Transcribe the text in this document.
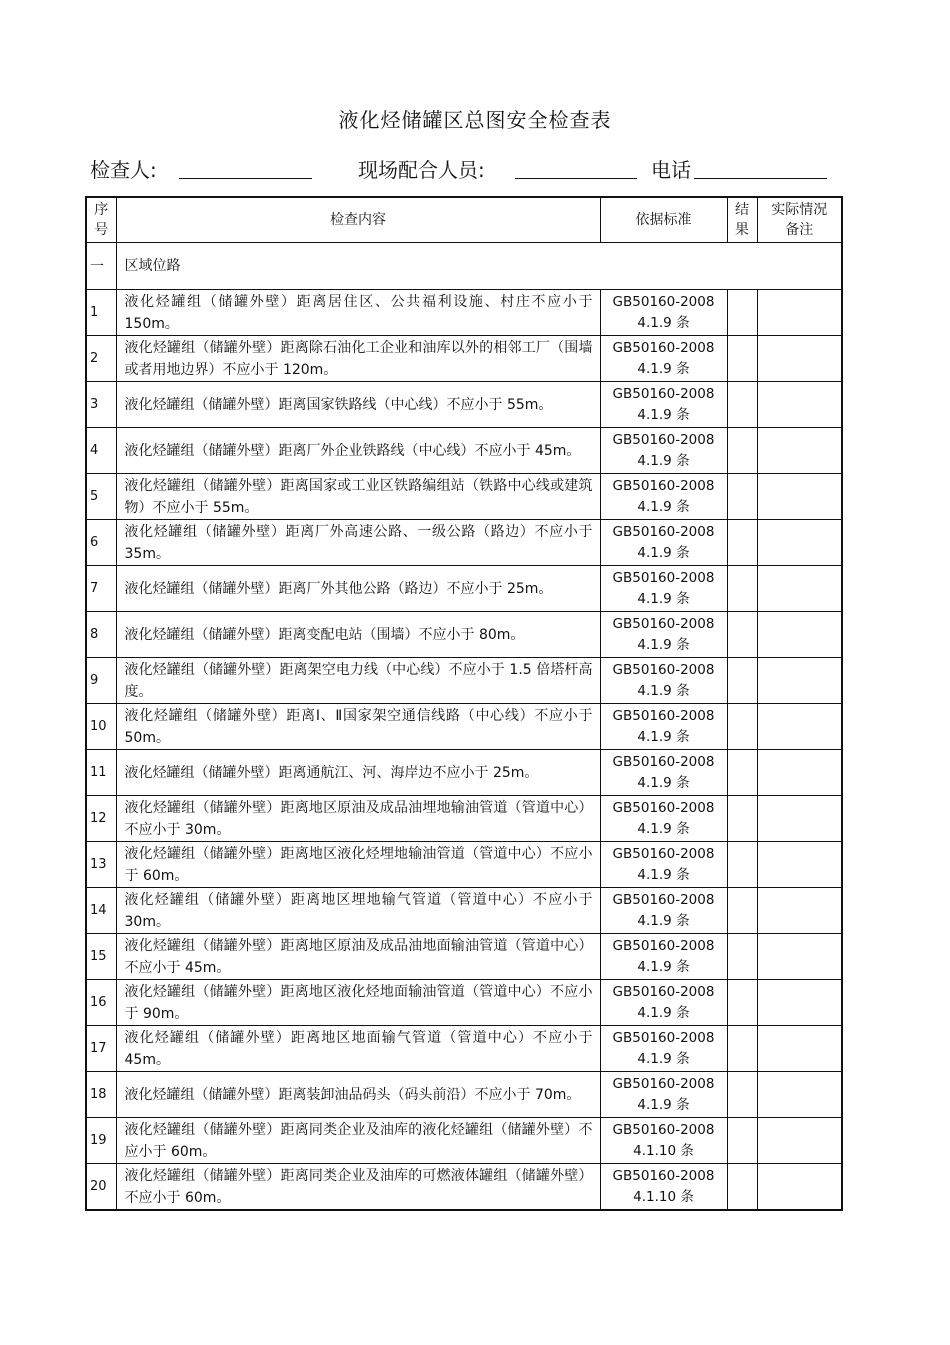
液化烃储罐区总图安全检查表
检查人:	现场配合人员:	电话
序号	检查内容	依据标准	结果	实际情况备注
一	区域位路			
1	液化烃罐组（储罐外壁）距离居住区、公共福利设施、村庄不应小于 150m。	GB50160-2008
4.1.9 条		

2	液化烃罐组（储罐外壁）距离除石油化工企业和油库以外的相邻工厂（围墙或者用地边界）不应小于 120m。	GB50160-2008
4.1.9 条		

3	液化烃罐组（储罐外壁）距离国家铁路线（中心线）不应小于 55m。	GB50160-2008
4.1.9 条		

4	液化烃罐组（储罐外壁）距离厂外企业铁路线（中心线）不应小于 45m。	GB50160-2008
4.1.9 条		

5	液化烃罐组（储罐外壁）距离国家或工业区铁路编组站（铁路中心线或建筑物）不应小于 55m。	GB50160-2008
4.1.9 条		

6	液化烃罐组（储罐外壁）距离厂外高速公路、一级公路（路边）不应小于 35m。	GB50160-2008
4.1.9 条		

7	液化烃罐组（储罐外壁）距离厂外其他公路（路边）不应小于 25m。	GB50160-2008
4.1.9 条		

8	液化烃罐组（储罐外壁）距离变配电站（围墙）不应小于 80m。	GB50160-2008
4.1.9 条		

9	液化烃罐组（储罐外壁）距离架空电力线（中心线）不应小于 1.5 倍塔杆高度。	GB50160-2008
4.1.9 条		

10	液化烃罐组（储罐外壁）距离Ⅰ、Ⅱ国家架空通信线路（中心线）不应小于 50m。	GB50160-2008
4.1.9 条		

11	液化烃罐组（储罐外壁）距离通航江、河、海岸边不应小于 25m。	GB50160-2008
4.1.9 条		

12	液化烃罐组（储罐外壁）距离地区原油及成品油埋地输油管道（管道中心）不应小于 30m。	GB50160-2008
4.1.9 条		

13	液化烃罐组（储罐外壁）距离地区液化烃埋地输油管道（管道中心）不应小于 60m。	GB50160-2008
4.1.9 条		

14	液化烃罐组（储罐外壁）距离地区埋地输气管道（管道中心）不应小于 30m。	GB50160-2008
4.1.9 条		

15	液化烃罐组（储罐外壁）距离地区原油及成品油地面输油管道（管道中心）不应小于 45m。	GB50160-2008
4.1.9 条		

16	液化烃罐组（储罐外壁）距离地区液化烃地面输油管道（管道中心）不应小于 90m。	GB50160-2008
4.1.9 条		

17	液化烃罐组（储罐外壁）距离地区地面输气管道（管道中心）不应小于 45m。	GB50160-2008
4.1.9 条		

18	液化烃罐组（储罐外壁）距离装卸油品码头（码头前沿）不应小于 70m。	GB50160-2008
4.1.9 条		

19	液化烃罐组（储罐外壁）距离同类企业及油库的液化烃罐组（储罐外壁）不应小于 60m。	GB50160-2008
4.1.10 条		

20	液化烃罐组（储罐外壁）距离同类企业及油库的可燃液体罐组（储罐外壁）不应小于 60m。	GB50160-2008
4.1.10 条		
